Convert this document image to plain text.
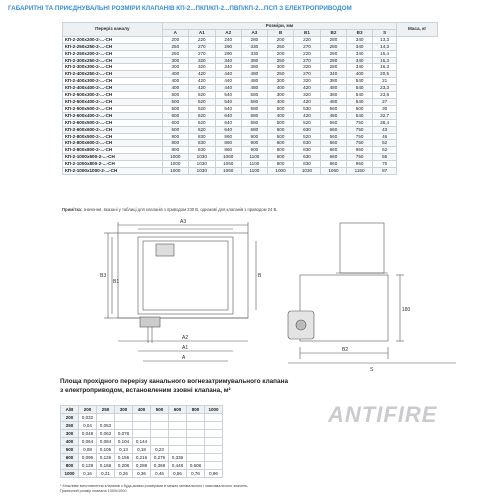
ГАБАРИТНІ ТА ПРИЄДНУВАЛЬНІ РОЗМІРИ КЛАПАНІВ КП-2...ПКП/КП-2...ПВП/КП-2...ПСП З ЕЛЕКТРОПРИВОДОМ
Переріз каналу	Розміри, мм									Маса, кг
	А	А1	А2	А3	В	В1	В2	В3	S	
КП-2-200х200-2-...-СН	200	220	240	280	200	220	280	340	13,3	
КП-2-250х250-2-...-СН	250	270	290	330	250	270	280	340	14,3	
КП-2-250х200-2-...-СН	250	270	290	330	200	220	280	340	15,4	
КП-2-300х250-2-...-СН	300	320	340	380	250	270	280	340	15,3	
КП-2-300х300-2-...-СН	300	320	340	380	300	320	280	340	16,3	
КП-2-400х250-2-...-СН	400	420	440	480	250	270	340	400	20,5	
КП-2-400х300-2-...-СН	400	420	440	480	300	320	380	540	21	
КП-2-400х400-2-...-СН	400	420	440	480	400	420	480	540	23,3	
КП-2-500х300-2-...-СН	500	520	540	580	300	320	380	540	23,8	
КП-2-500х400-2-...-СН	500	520	540	580	400	420	480	540	27	
КП-2-500х500-2-...-СН	500	520	540	580	500	530	560	600	30	
КП-2-600х400-2-...-СН	600	620	640	680	400	420	480	540	32,7	
КП-2-600х500-2-...-СН	600	620	640	680	500	520	560	750	38,4	
КП-2-600х600-2-...-СН	600	620	640	680	600	630	660	750	43	
КП-2-800х500-2-...-СН	800	830	860	900	500	520	560	750	46	
КП-2-800х600-2-...-СН	800	830	860	900	600	630	660	750	52	
КП-2-800х800-2-...-СН	800	830	860	900	800	830	860	950	62	
КП-2-1000х600-2-...-СН	1000	1030	1060	1100	600	630	660	750	65	
КП-2-1000х800-2-...-СН	1000	1030	1060	1100	800	830	860	950	75	
КП-2-1000х1000-2-...-СН	1000	1030	1060	1100	1000	1030	1060	1150	87	
Примітка: значення, вказані у таблиці для клапанів з приводом 230 В, однакові для клапанів з приводом 24 В.
A3
A2
A1
A
B
B3
B1
B2
S
180
Площа прохідного перерізу канального вогнезатримувального клапана з електроприводом, встановленим ззовні клапана, м²
А/В	200	250	300	400	500	600	800	1000
200	0,032							
250	0,04	0,053						
300	0,048	0,063	0,078					
400	0,064	0,084	0,104	0,144				
500	0,08	0,105	0,13	0,18	0,23			
600	0,096	0,126	0,156	0,216	0,276	0,336		
800	0,128	0,168	0,208	0,288	0,368	0,448	0,608	
1000	0,16	0,21	0,26	0,36	0,46	0,56	0,76	0,96
* Можливе виготовлення клапанів з будь-якими розмірами в межах мінімального і максимального значень. Граничний розмір клапана 1000х1000.
ANTIFIRE
